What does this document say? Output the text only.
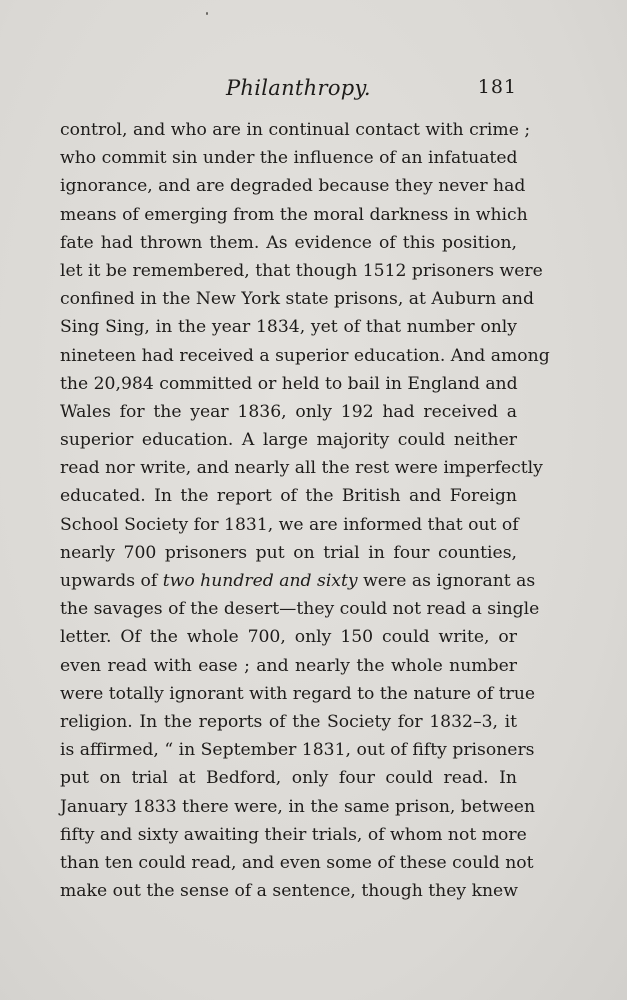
Philanthropy.	181
control, and who are in continual contact with crime ;
who commit sin under the influence of an infatuated
ignorance, and are degraded because they never had
means of emerging from the moral darkness in which
fate had thrown them. As evidence of this position,
let it be remembered, that though 1512 prisoners were
confined in the New York state prisons, at Auburn and
Sing Sing, in the year 1834, yet of that number only
nineteen had received a superior education. And among
the 20,984 committed or held to bail in England and
Wales for the year 1836, only 192 had received a
superior education. A large majority could neither
read nor write, and nearly all the rest were imperfectly
educated. In the report of the British and Foreign
School Society for 1831, we are informed that out of
nearly 700 prisoners put on trial in four counties,
upwards of two hundred and sixty were as ignorant as
the savages of the desert—they could not read a single
letter. Of the whole 700, only 150 could write, or
even read with ease ; and nearly the whole number
were totally ignorant with regard to the nature of true
religion. In the reports of the Society for 1832–3, it
is affirmed, “ in September 1831, out of fifty prisoners
put on trial at Bedford, only four could read. In
January 1833 there were, in the same prison, between
fifty and sixty awaiting their trials, of whom not more
than ten could read, and even some of these could not
make out the sense of a sentence, though they knew
